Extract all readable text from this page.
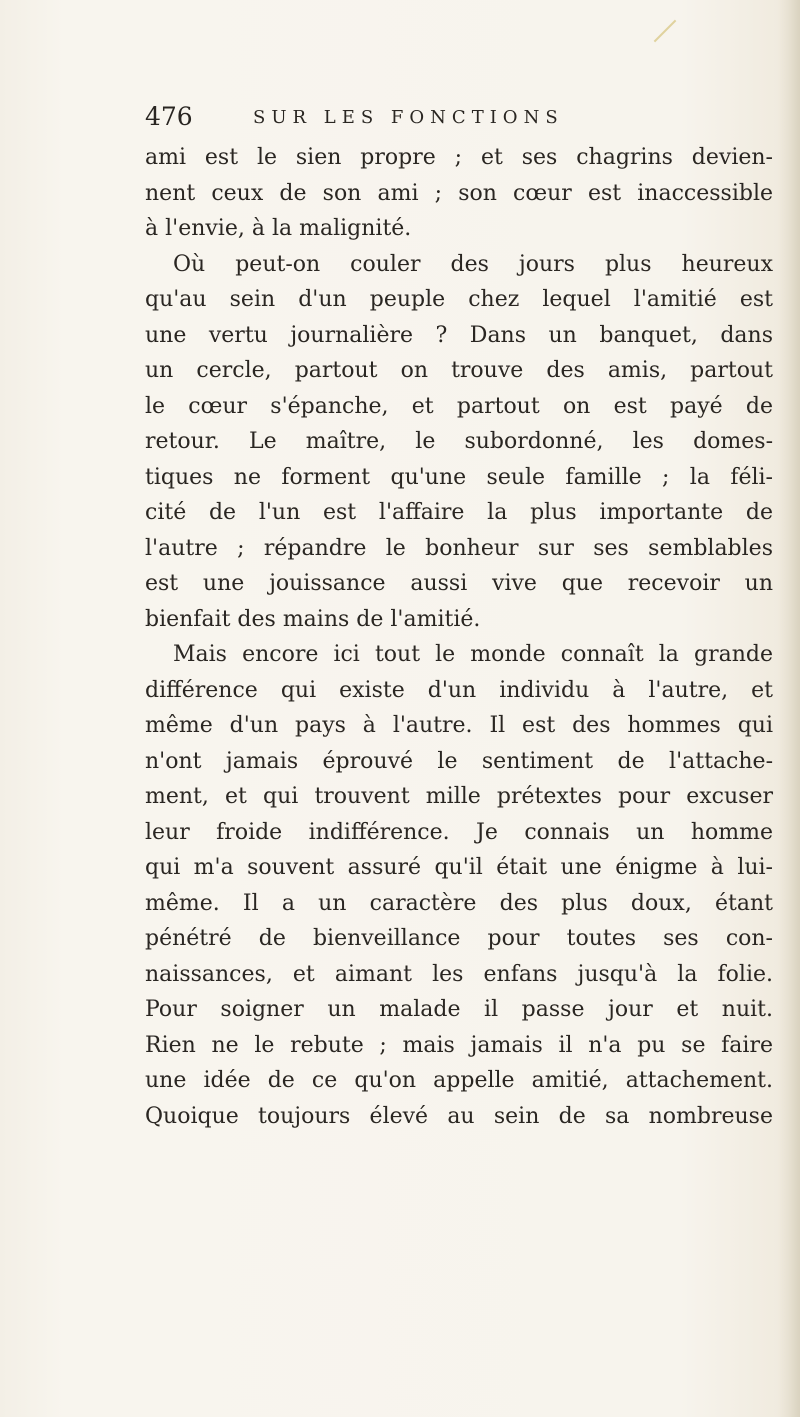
476	SUR LES FONCTIONS
ami est le sien propre ; et ses chagrins devien-
nent ceux de son ami ; son cœur est inaccessible
à l'envie, à la malignité.
Où peut-on couler des jours plus heureux
qu'au sein d'un peuple chez lequel l'amitié est
une vertu journalière ? Dans un banquet, dans
un cercle, partout on trouve des amis, partout
le cœur s'épanche, et partout on est payé de
retour. Le maître, le subordonné, les domes-
tiques ne forment qu'une seule famille ; la féli-
cité de l'un est l'affaire la plus importante de
l'autre ; répandre le bonheur sur ses semblables
est une jouissance aussi vive que recevoir un
bienfait des mains de l'amitié.
Mais encore ici tout le monde connaît la grande
différence qui existe d'un individu à l'autre, et
même d'un pays à l'autre. Il est des hommes qui
n'ont jamais éprouvé le sentiment de l'attache-
ment, et qui trouvent mille prétextes pour excuser
leur froide indifférence. Je connais un homme
qui m'a souvent assuré qu'il était une énigme à lui-
même. Il a un caractère des plus doux, étant
pénétré de bienveillance pour toutes ses con-
naissances, et aimant les enfans jusqu'à la folie.
Pour soigner un malade il passe jour et nuit.
Rien ne le rebute ; mais jamais il n'a pu se faire
une idée de ce qu'on appelle amitié, attachement.
Quoique toujours élevé au sein de sa nombreuse
